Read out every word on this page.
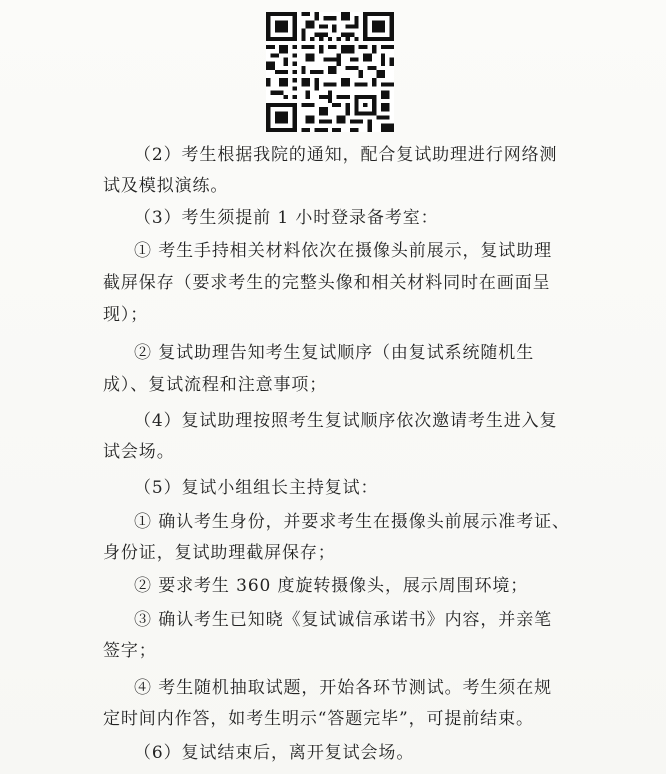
（2）考生根据我院的通知，配合复试助理进行网络测
试及模拟演练。
（3）考生须提前 1 小时登录备考室：
① 考生手持相关材料依次在摄像头前展示，复试助理
截屏保存（要求考生的完整头像和相关材料同时在画面呈
现）；
② 复试助理告知考生复试顺序（由复试系统随机生
成）、复试流程和注意事项；
（4）复试助理按照考生复试顺序依次邀请考生进入复
试会场。
（5）复试小组组长主持复试：
① 确认考生身份，并要求考生在摄像头前展示准考证、
身份证，复试助理截屏保存；
② 要求考生 360 度旋转摄像头，展示周围环境；
③ 确认考生已知晓《复试诚信承诺书》内容，并亲笔
签字；
④ 考生随机抽取试题，开始各环节测试。考生须在规
定时间内作答，如考生明示“答题完毕”，可提前结束。
（6）复试结束后，离开复试会场。
